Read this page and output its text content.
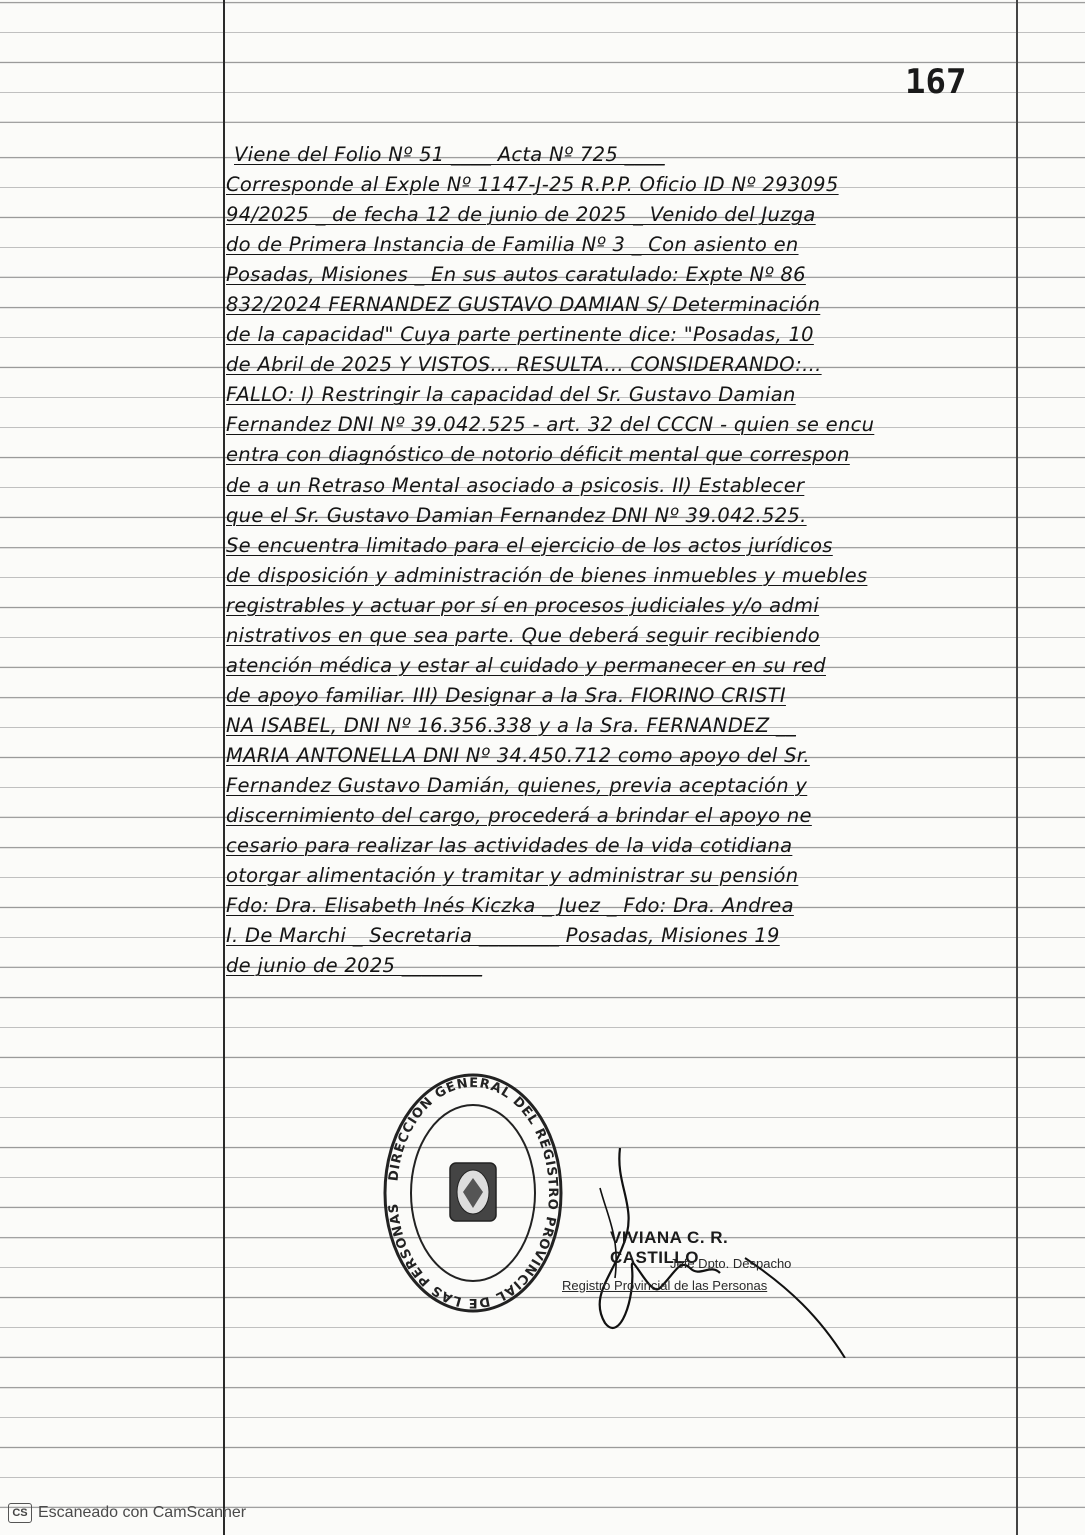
167
Viene del Folio Nº 51 ____ Acta Nº 725 ____
Corresponde al Exple Nº 1147-J-25 R.P.P. Oficio ID Nº 293095
94/2025 _ de fecha 12 de junio de 2025 _ Venido del Juzga
do de Primera Instancia de Familia Nº 3 _ Con asiento en
Posadas, Misiones _ En sus autos caratulado: Expte Nº 86
832/2024 FERNANDEZ GUSTAVO DAMIAN S/ Determinación
de la capacidad" Cuya parte pertinente dice: "Posadas, 10
de Abril de 2025 Y VISTOS... RESULTA... CONSIDERANDO:...
FALLO: I) Restringir la capacidad del Sr. Gustavo Damian
Fernandez DNI Nº 39.042.525 - art. 32 del CCCN - quien se encu
entra con diagnóstico de notorio déficit mental que correspon
de a un Retraso Mental asociado a psicosis. II) Establecer
que el Sr. Gustavo Damian Fernandez DNI Nº 39.042.525.
Se encuentra limitado para el ejercicio de los actos jurídicos
de disposición y administración de bienes inmuebles y muebles
registrables y actuar por sí en procesos judiciales y/o admi
nistrativos en que sea parte. Que deberá seguir recibiendo
atención médica y estar al cuidado y permanecer en su red
de apoyo familiar. III) Designar a la Sra. FIORINO CRISTI
NA ISABEL, DNI Nº 16.356.338 y a la Sra. FERNANDEZ __
MARIA ANTONELLA DNI Nº 34.450.712 como apoyo del Sr.
Fernandez Gustavo Damián, quienes, previa aceptación y
discernimiento del cargo, procederá a brindar el apoyo ne
cesario para realizar las actividades de la vida cotidiana
otorgar alimentación y tramitar y administrar su pensión
Fdo: Dra. Elisabeth Inés Kiczka _ Juez _ Fdo: Dra. Andrea
I. De Marchi _ Secretaria ________ Posadas, Misiones 19
de junio de 2025 ________
DIRECCION GENERAL DEL REGISTRO PROVINCIAL DE LAS PERSONAS
VIVIANA C. R. CASTILLO
Jefe Dpto. Despacho
Registro Provincial de las Personas
CS Escaneado con CamScanner
